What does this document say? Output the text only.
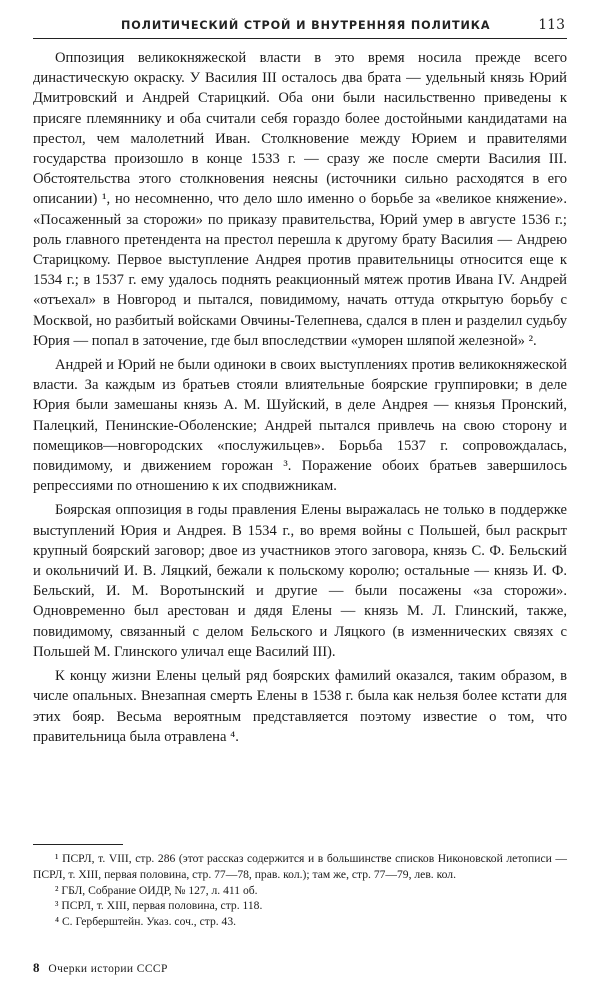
ПОЛИТИЧЕСКИЙ СТРОЙ И ВНУТРЕННЯЯ ПОЛИТИКА	113

Оппозиция великокняжеской власти в это время носила прежде всего династическую окраску. У Василия III осталось два брата — удельный князь Юрий Дмитровский и Андрей Старицкий. Оба они были насильственно приведены к присяге племяннику и оба считали себя гораздо более достойными кандидатами на престол, чем малолетний Иван. Столкновение между Юрием и правителями государства произошло в конце 1533 г. — сразу же после смерти Василия III. Обстоятельства этого столкновения неясны (источники сильно расходятся в его описании) ¹, но несомненно, что дело шло именно о борьбе за «великое княжение». «Посаженный за сторожи» по приказу правительства, Юрий умер в августе 1536 г.; роль главного претендента на престол перешла к другому брату Василия — Андрею Старицкому. Первое выступление Андрея против правительницы относится еще к 1534 г.; в 1537 г. ему удалось поднять реакционный мятеж против Ивана IV. Андрей «отъехал» в Новгород и пытался, повидимому, начать оттуда открытую борьбу с Москвой, но разбитый войсками Овчины-Телепнева, сдался в плен и разделил судьбу Юрия — попал в заточение, где был впоследствии «уморен шляпой железной» ².

Андрей и Юрий не были одиноки в своих выступлениях против великокняжеской власти. За каждым из братьев стояли влиятельные боярские группировки; в деле Юрия были замешаны князь А. М. Шуйский, в деле Андрея — князья Пронский, Палецкий, Пенинские-Оболенские; Андрей пытался привлечь на свою сторону и помещиков—новгородских «послужильцев». Борьба 1537 г. сопровождалась, повидимому, и движением горожан ³. Поражение обоих братьев завершилось репрессиями по отношению к их сподвижникам.

Боярская оппозиция в годы правления Елены выражалась не только в поддержке выступлений Юрия и Андрея. В 1534 г., во время войны с Польшей, был раскрыт крупный боярский заговор; двое из участников этого заговора, князь С. Ф. Бельский и окольничий И. В. Ляцкий, бежали к польскому королю; остальные — князь И. Ф. Бельский, И. М. Воротынский и другие — были посажены «за сторожи». Одновременно был арестован и дядя Елены — князь М. Л. Глинский, также, повидимому, связанный с делом Бельского и Ляцкого (в изменнических связях с Польшей М. Глинского уличал еще Василий III).

К концу жизни Елены целый ряд боярских фамилий оказался, таким образом, в числе опальных. Внезапная смерть Елены в 1538 г. была как нельзя более кстати для этих бояр. Весьма вероятным представляется поэтому известие о том, что правительница была отравлена ⁴.

¹ ПСРЛ, т. VIII, стр. 286 (этот рассказ содержится и в большинстве списков Никоновской летописи — ПСРЛ, т. XIII, первая половина, стр. 77—78, прав. кол.); там же, стр. 77—79, лев. кол.

² ГБЛ, Собрание ОИДР, № 127, л. 411 об.

³ ПСРЛ, т. XIII, первая половина, стр. 118.

⁴ С. Герберштейн. Указ. соч., стр. 43.

8 Очерки истории СССР
